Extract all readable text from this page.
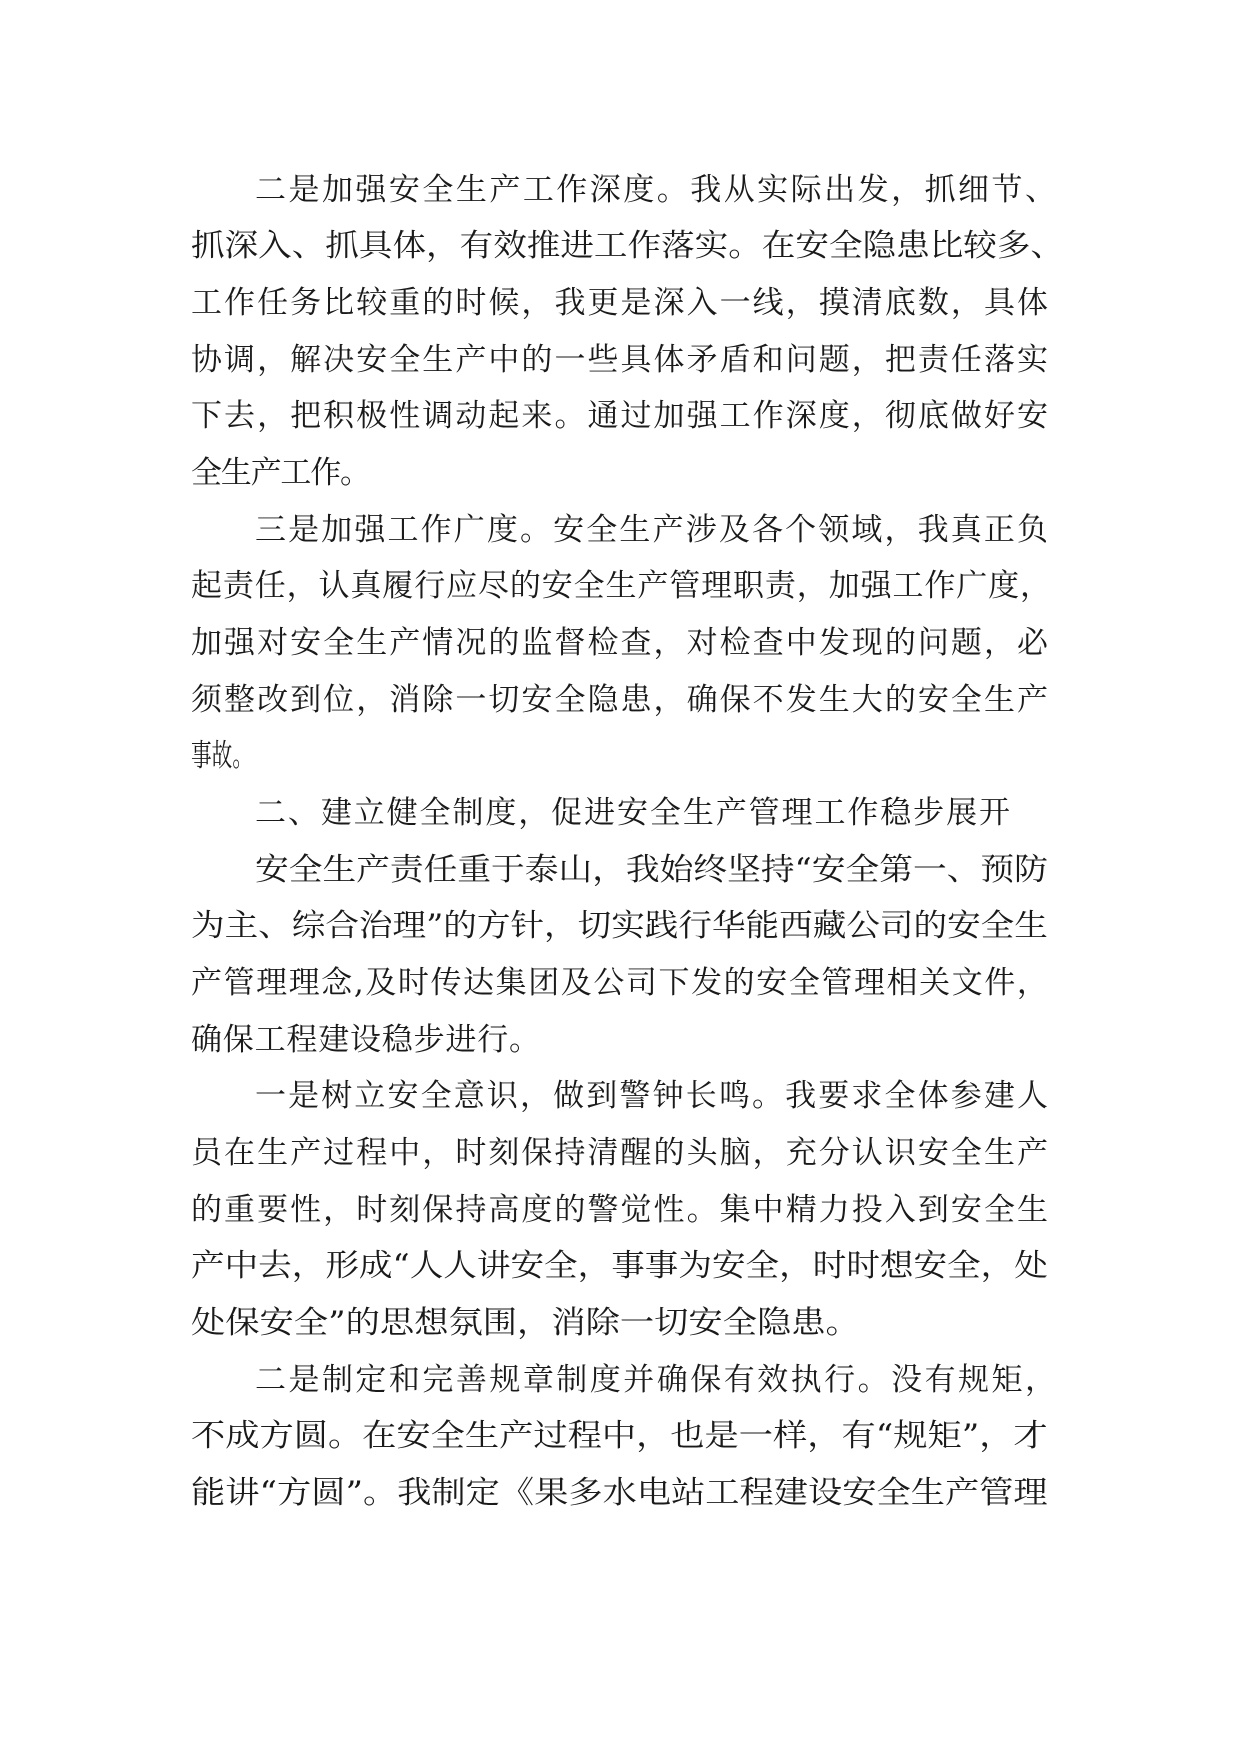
二是加强安全生产工作深度。我从实际出发，抓细节、
抓深入、抓具体，有效推进工作落实。在安全隐患比较多、
工作任务比较重的时候，我更是深入一线，摸清底数，具体
协调，解决安全生产中的一些具体矛盾和问题，把责任落实
下去，把积极性调动起来。通过加强工作深度，彻底做好安
全生产工作。
三是加强工作广度。安全生产涉及各个领域，我真正负
起责任，认真履行应尽的安全生产管理职责，加强工作广度，
加强对安全生产情况的监督检查，对检查中发现的问题，必
须整改到位，消除一切安全隐患，确保不发生大的安全生产
事故。
二、建立健全制度，促进安全生产管理工作稳步展开
安全生产责任重于泰山，我始终坚持“安全第一、预防
为主、综合治理”的方针，切实践行华能西藏公司的安全生
产管理理念,及时传达集团及公司下发的安全管理相关文件，
确保工程建设稳步进行。
一是树立安全意识，做到警钟长鸣。我要求全体参建人
员在生产过程中，时刻保持清醒的头脑，充分认识安全生产
的重要性，时刻保持高度的警觉性。集中精力投入到安全生
产中去，形成“人人讲安全，事事为安全，时时想安全，处
处保安全”的思想氛围，消除一切安全隐患。
二是制定和完善规章制度并确保有效执行。没有规矩，
不成方圆。在安全生产过程中，也是一样，有“规矩”，才
能讲“方圆”。我制定《果多水电站工程建设安全生产管理
